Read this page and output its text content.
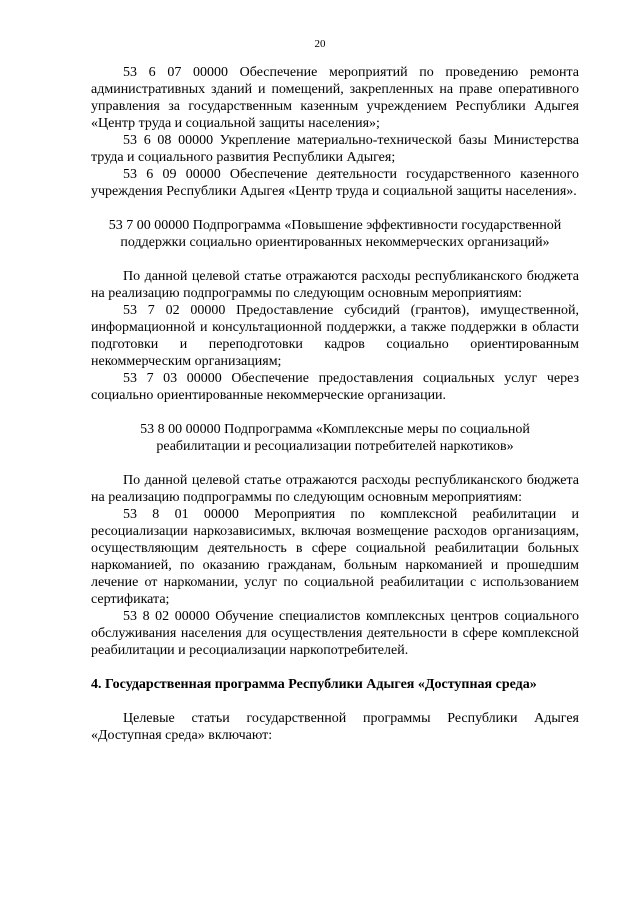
20

53 6 07 00000 Обеспечение мероприятий по проведению ремонта административных зданий и помещений, закрепленных на праве оперативного управления за государственным казенным учреждением Республики Адыгея «Центр труда и социальной защиты населения»;

53 6 08 00000 Укрепление материально-технической базы Министерства труда и социального развития Республики Адыгея;

53 6 09 00000 Обеспечение деятельности государственного казенного учреждения Республики Адыгея «Центр труда и социальной защиты населения».

53 7 00 00000 Подпрограмма «Повышение эффективности государственной поддержки социально ориентированных некоммерческих организаций»

По данной целевой статье отражаются расходы республиканского бюджета на реализацию подпрограммы по следующим основным мероприятиям:

53 7 02 00000 Предоставление субсидий (грантов), имущественной, информационной и консультационной поддержки, а также поддержки в области подготовки и переподготовки кадров социально ориентированным некоммерческим организациям;

53 7 03 00000 Обеспечение предоставления социальных услуг через социально ориентированные некоммерческие организации.

53 8 00 00000 Подпрограмма «Комплексные меры по социальной реабилитации и ресоциализации потребителей наркотиков»

По данной целевой статье отражаются расходы республиканского бюджета на реализацию подпрограммы по следующим основным мероприятиям:

53 8 01 00000 Мероприятия по комплексной реабилитации и ресоциализации наркозависимых, включая возмещение расходов организациям, осуществляющим деятельность в сфере социальной реабилитации больных наркоманией, по оказанию гражданам, больным наркоманией и прошедшим лечение от наркомании, услуг по социальной реабилитации с использованием сертификата;

53 8 02 00000 Обучение специалистов комплексных центров социального обслуживания населения для осуществления деятельности в сфере комплексной реабилитации и ресоциализации наркопотребителей.

4. Государственная программа Республики Адыгея «Доступная среда»

Целевые статьи государственной программы Республики Адыгея «Доступная среда» включают:
